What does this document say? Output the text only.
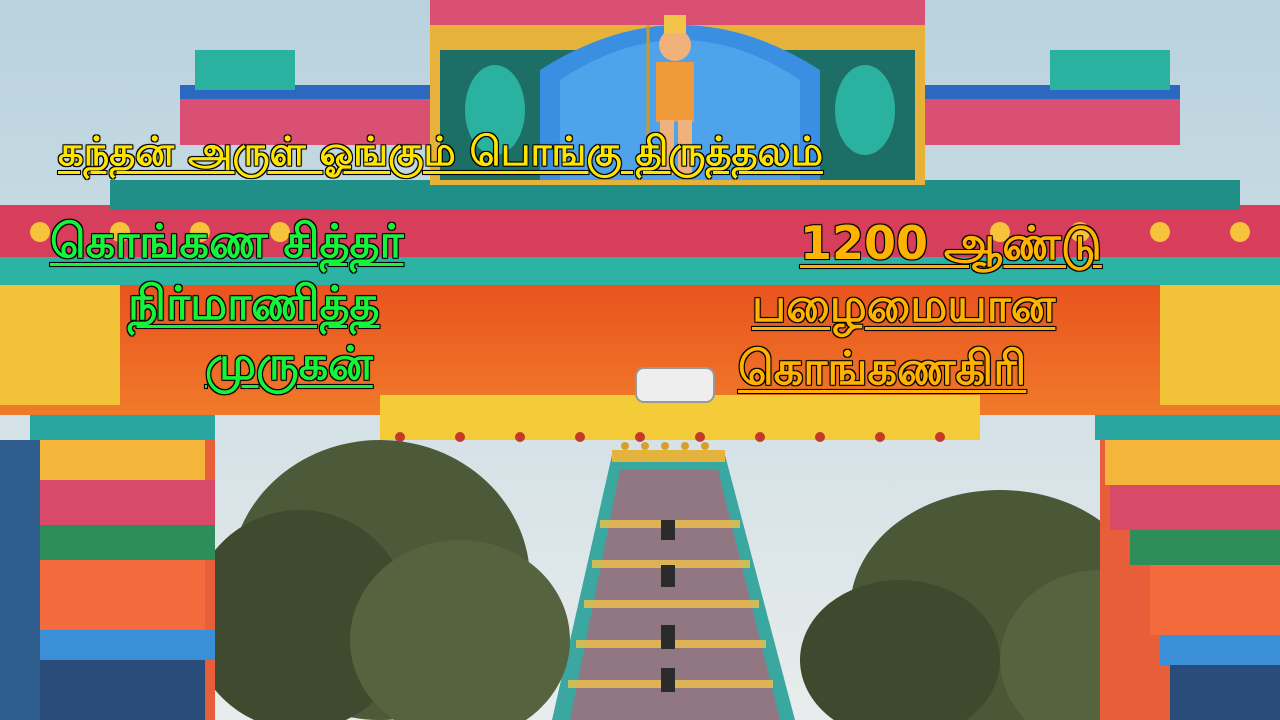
கந்தன் அருள் ஓங்கும் பொங்கு திருத்தலம்
கொங்கண சித்தர்
நிர்மாணித்த
முருகன்
1200 ஆண்டு
பழைமையான
கொங்கணகிரி
